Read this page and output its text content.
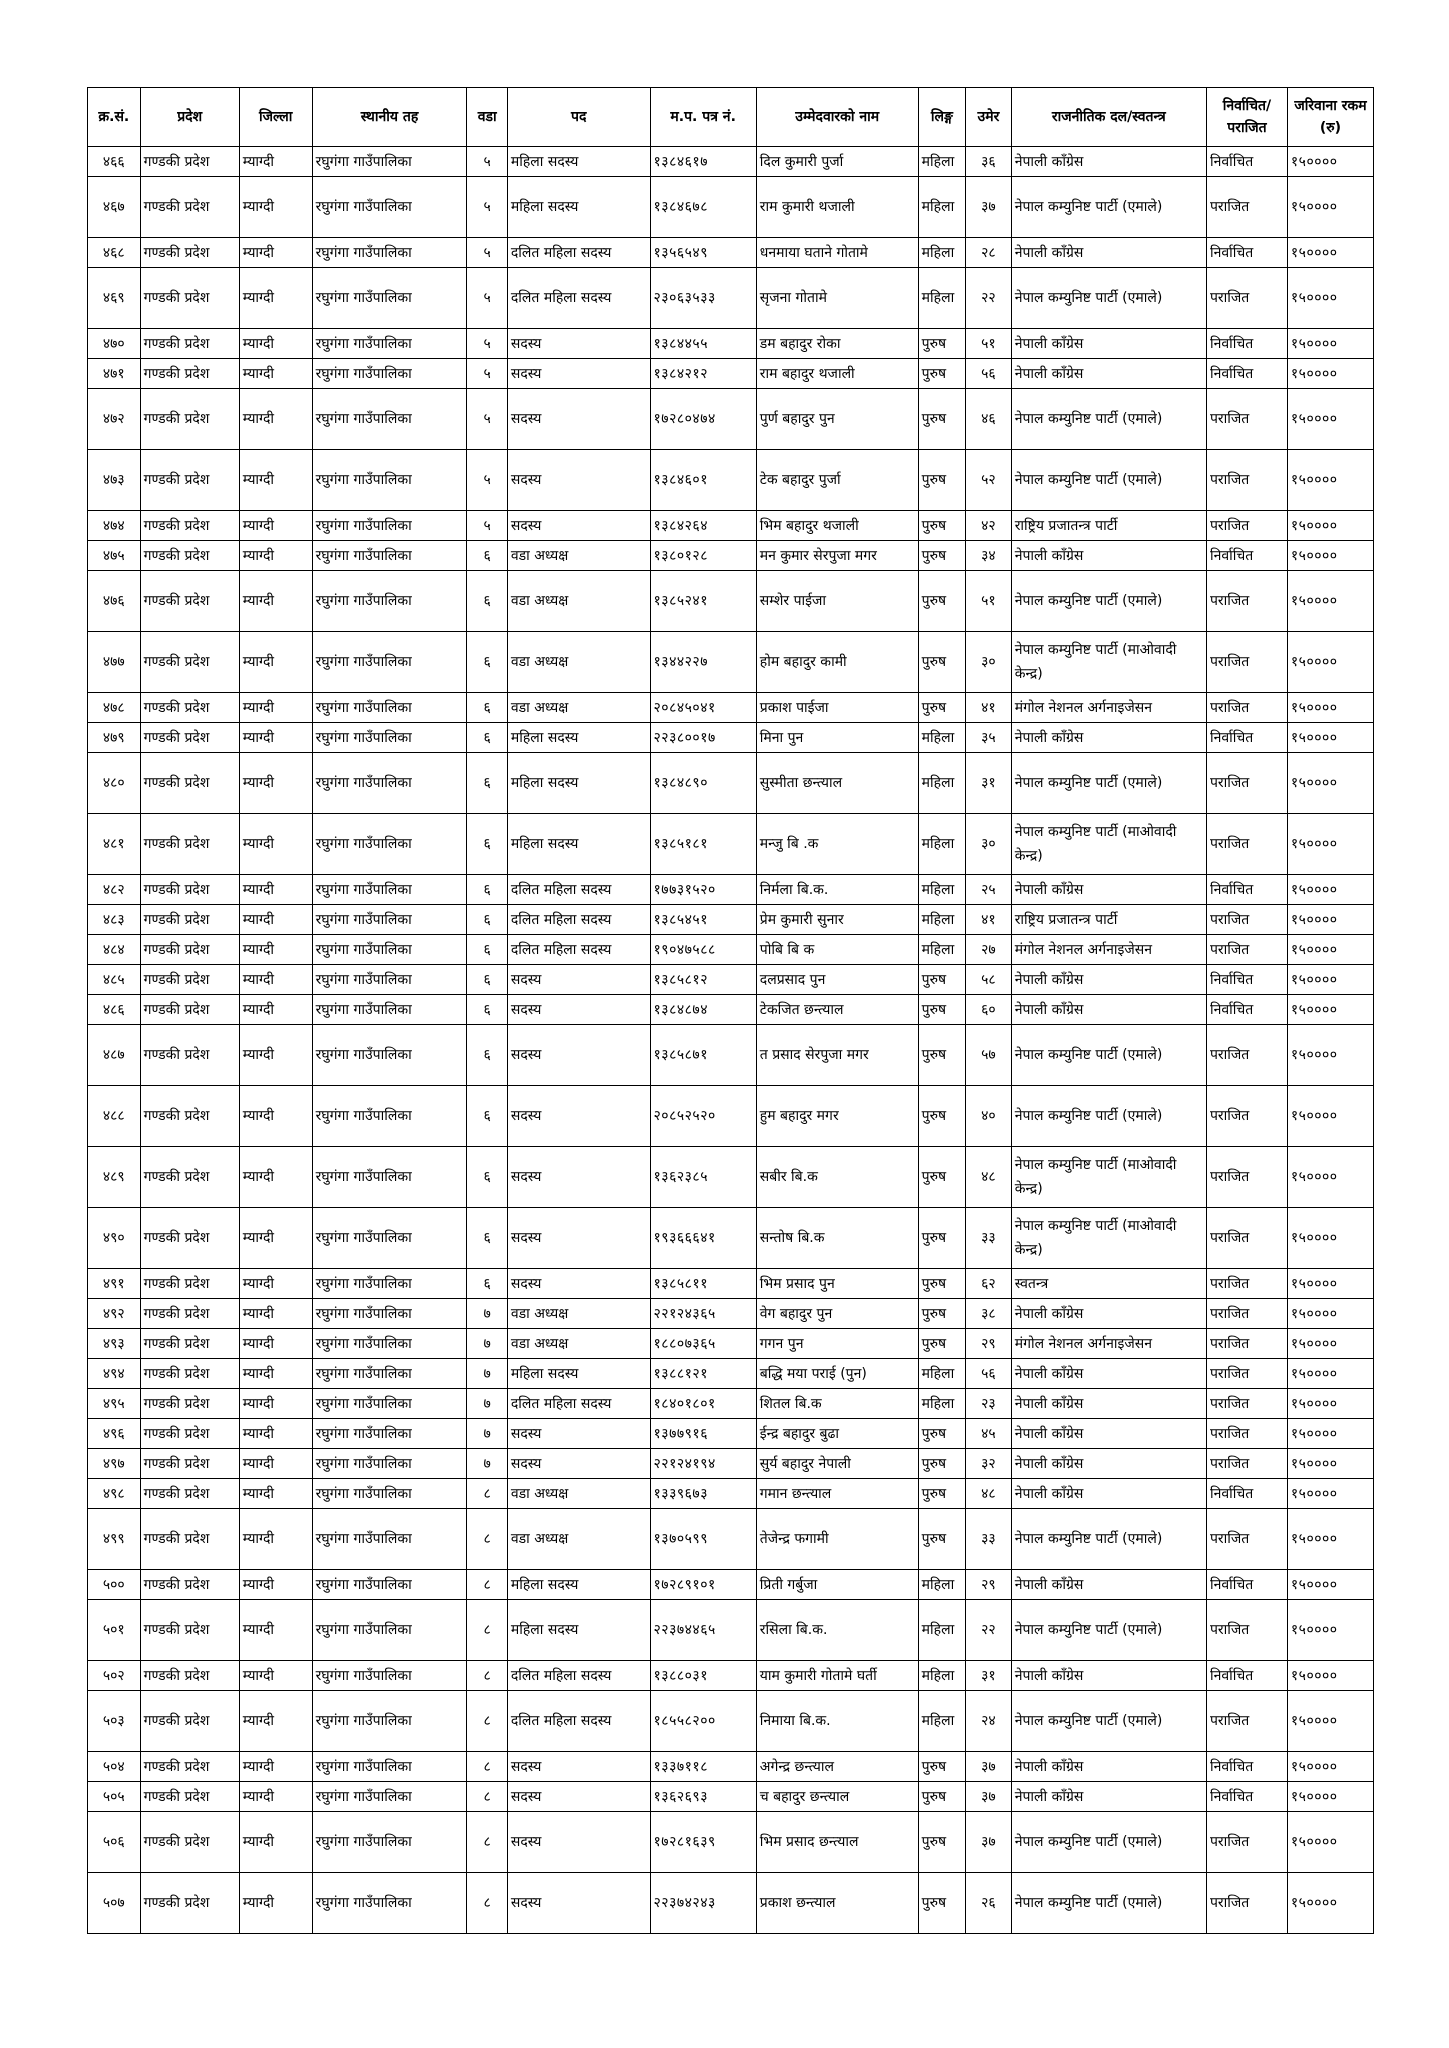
क्र.सं.	प्रदेश	जिल्ला	स्थानीय तह	वडा	पद	म.प. पत्र नं.	उम्मेदवारको नाम	लिङ्ग	उमेर	राजनीतिक दल/स्वतन्त्र	निर्वाचित/ पराजित	जरिवाना रकम (रु)
४६६	गण्डकी प्रदेश	म्याग्दी	रघुगंगा गाउँपालिका	५	महिला सदस्य	१३८४६१७	दिल कुमारी पुर्जा	महिला	३६	नेपाली काँग्रेस	निर्वाचित	१५००००
४६७	गण्डकी प्रदेश	म्याग्दी	रघुगंगा गाउँपालिका	५	महिला सदस्य	१३८४६७८	राम कुमारी थजाली	महिला	३७	नेपाल कम्युनिष्ट पार्टी (एमाले)	पराजित	१५००००
४६८	गण्डकी प्रदेश	म्याग्दी	रघुगंगा गाउँपालिका	५	दलित महिला सदस्य	१३५६५४९	धनमाया घताने गोतामे	महिला	२८	नेपाली काँग्रेस	निर्वाचित	१५००००
४६९	गण्डकी प्रदेश	म्याग्दी	रघुगंगा गाउँपालिका	५	दलित महिला सदस्य	२३०६३५३३	सृजना गोतामे	महिला	२२	नेपाल कम्युनिष्ट पार्टी (एमाले)	पराजित	१५००००
४७०	गण्डकी प्रदेश	म्याग्दी	रघुगंगा गाउँपालिका	५	सदस्य	१३८४४५५	डम बहादुर रोका	पुरुष	५१	नेपाली काँग्रेस	निर्वाचित	१५००००
४७१	गण्डकी प्रदेश	म्याग्दी	रघुगंगा गाउँपालिका	५	सदस्य	१३८४२१२	राम बहादुर थजाली	पुरुष	५६	नेपाली काँग्रेस	निर्वाचित	१५००००
४७२	गण्डकी प्रदेश	म्याग्दी	रघुगंगा गाउँपालिका	५	सदस्य	१७२८०४७४	पुर्ण बहादुर पुन	पुरुष	४६	नेपाल कम्युनिष्ट पार्टी (एमाले)	पराजित	१५००००
४७३	गण्डकी प्रदेश	म्याग्दी	रघुगंगा गाउँपालिका	५	सदस्य	१३८४६०१	टेक बहादुर पुर्जा	पुरुष	५२	नेपाल कम्युनिष्ट पार्टी (एमाले)	पराजित	१५००००
४७४	गण्डकी प्रदेश	म्याग्दी	रघुगंगा गाउँपालिका	५	सदस्य	१३८४२६४	भिम बहादुर थजाली	पुरुष	४२	राष्ट्रिय प्रजातन्त्र पार्टी	पराजित	१५००००
४७५	गण्डकी प्रदेश	म्याग्दी	रघुगंगा गाउँपालिका	६	वडा अध्यक्ष	१३८०१२८	मन कुमार सेरपुजा मगर	पुरुष	३४	नेपाली काँग्रेस	निर्वाचित	१५००००
४७६	गण्डकी प्रदेश	म्याग्दी	रघुगंगा गाउँपालिका	६	वडा अध्यक्ष	१३८५२४१	सम्शेर पाईजा	पुरुष	५१	नेपाल कम्युनिष्ट पार्टी (एमाले)	पराजित	१५००००
४७७	गण्डकी प्रदेश	म्याग्दी	रघुगंगा गाउँपालिका	६	वडा अध्यक्ष	१३४४२२७	होम बहादुर कामी	पुरुष	३०	नेपाल कम्युनिष्ट पार्टी (माओवादी केन्द्र)	पराजित	१५००००
४७८	गण्डकी प्रदेश	म्याग्दी	रघुगंगा गाउँपालिका	६	वडा अध्यक्ष	२०८४५०४१	प्रकाश पाईजा	पुरुष	४१	मंगोल नेशनल अर्गनाइजेसन	पराजित	१५००००
४७९	गण्डकी प्रदेश	म्याग्दी	रघुगंगा गाउँपालिका	६	महिला सदस्य	२२३८००१७	मिना पुन	महिला	३५	नेपाली काँग्रेस	निर्वाचित	१५००००
४८०	गण्डकी प्रदेश	म्याग्दी	रघुगंगा गाउँपालिका	६	महिला सदस्य	१३८४८९०	सुस्मीता छन्त्याल	महिला	३१	नेपाल कम्युनिष्ट पार्टी (एमाले)	पराजित	१५००००
४८१	गण्डकी प्रदेश	म्याग्दी	रघुगंगा गाउँपालिका	६	महिला सदस्य	१३८५१८१	मन्जु बि .क	महिला	३०	नेपाल कम्युनिष्ट पार्टी (माओवादी केन्द्र)	पराजित	१५००००
४८२	गण्डकी प्रदेश	म्याग्दी	रघुगंगा गाउँपालिका	६	दलित महिला सदस्य	१७७३१५२०	निर्मला बि.क.	महिला	२५	नेपाली काँग्रेस	निर्वाचित	१५००००
४८३	गण्डकी प्रदेश	म्याग्दी	रघुगंगा गाउँपालिका	६	दलित महिला सदस्य	१३८५४५१	प्रेम कुमारी सुनार	महिला	४१	राष्ट्रिय प्रजातन्त्र पार्टी	पराजित	१५००००
४८४	गण्डकी प्रदेश	म्याग्दी	रघुगंगा गाउँपालिका	६	दलित महिला सदस्य	१९०४७५८८	पोबि बि क	महिला	२७	मंगोल नेशनल अर्गनाइजेसन	पराजित	१५००००
४८५	गण्डकी प्रदेश	म्याग्दी	रघुगंगा गाउँपालिका	६	सदस्य	१३८५८१२	दलप्रसाद पुन	पुरुष	५८	नेपाली काँग्रेस	निर्वाचित	१५००००
४८६	गण्डकी प्रदेश	म्याग्दी	रघुगंगा गाउँपालिका	६	सदस्य	१३८४८७४	टेकजित छन्त्याल	पुरुष	६०	नेपाली काँग्रेस	निर्वाचित	१५००००
४८७	गण्डकी प्रदेश	म्याग्दी	रघुगंगा गाउँपालिका	६	सदस्य	१३८५८७१	त प्रसाद सेरपुजा मगर	पुरुष	५७	नेपाल कम्युनिष्ट पार्टी (एमाले)	पराजित	१५००००
४८८	गण्डकी प्रदेश	म्याग्दी	रघुगंगा गाउँपालिका	६	सदस्य	२०८५२५२०	हुम बहादुर मगर	पुरुष	४०	नेपाल कम्युनिष्ट पार्टी (एमाले)	पराजित	१५००००
४८९	गण्डकी प्रदेश	म्याग्दी	रघुगंगा गाउँपालिका	६	सदस्य	१३६२३८५	सबीर बि.क	पुरुष	४८	नेपाल कम्युनिष्ट पार्टी (माओवादी केन्द्र)	पराजित	१५००००
४९०	गण्डकी प्रदेश	म्याग्दी	रघुगंगा गाउँपालिका	६	सदस्य	१९३६६६४१	सन्तोष बि.क	पुरुष	३३	नेपाल कम्युनिष्ट पार्टी (माओवादी केन्द्र)	पराजित	१५००००
४९१	गण्डकी प्रदेश	म्याग्दी	रघुगंगा गाउँपालिका	६	सदस्य	१३८५८११	भिम प्रसाद पुन	पुरुष	६२	स्वतन्त्र	पराजित	१५००००
४९२	गण्डकी प्रदेश	म्याग्दी	रघुगंगा गाउँपालिका	७	वडा अध्यक्ष	२२१२४३६५	वेग बहादुर पुन	पुरुष	३८	नेपाली काँग्रेस	पराजित	१५००००
४९३	गण्डकी प्रदेश	म्याग्दी	रघुगंगा गाउँपालिका	७	वडा अध्यक्ष	१८८०७३६५	गगन पुन	पुरुष	२९	मंगोल नेशनल अर्गनाइजेसन	पराजित	१५००००
४९४	गण्डकी प्रदेश	म्याग्दी	रघुगंगा गाउँपालिका	७	महिला सदस्य	१३८८१२१	बद्धि मया पराई (पुन)	महिला	५६	नेपाली काँग्रेस	पराजित	१५००००
४९५	गण्डकी प्रदेश	म्याग्दी	रघुगंगा गाउँपालिका	७	दलित महिला सदस्य	१८४०१८०१	शितल बि.क	महिला	२३	नेपाली काँग्रेस	पराजित	१५००००
४९६	गण्डकी प्रदेश	म्याग्दी	रघुगंगा गाउँपालिका	७	सदस्य	१३७७९१६	ईन्द्र बहादुर बुढा	पुरुष	४५	नेपाली काँग्रेस	पराजित	१५००००
४९७	गण्डकी प्रदेश	म्याग्दी	रघुगंगा गाउँपालिका	७	सदस्य	२२१२४१९४	सुर्य बहादुर नेपाली	पुरुष	३२	नेपाली काँग्रेस	पराजित	१५००००
४९८	गण्डकी प्रदेश	म्याग्दी	रघुगंगा गाउँपालिका	८	वडा अध्यक्ष	१३३९६७३	गमान छन्त्याल	पुरुष	४८	नेपाली काँग्रेस	निर्वाचित	१५००००
४९९	गण्डकी प्रदेश	म्याग्दी	रघुगंगा गाउँपालिका	८	वडा अध्यक्ष	१३७०५९९	तेजेन्द्र फगामी	पुरुष	३३	नेपाल कम्युनिष्ट पार्टी (एमाले)	पराजित	१५००००
५००	गण्डकी प्रदेश	म्याग्दी	रघुगंगा गाउँपालिका	८	महिला सदस्य	१७२८९१०१	प्रिती गर्बुजा	महिला	२९	नेपाली काँग्रेस	निर्वाचित	१५००००
५०१	गण्डकी प्रदेश	म्याग्दी	रघुगंगा गाउँपालिका	८	महिला सदस्य	२२३७४४६५	रसिला बि.क.	महिला	२२	नेपाल कम्युनिष्ट पार्टी (एमाले)	पराजित	१५००००
५०२	गण्डकी प्रदेश	म्याग्दी	रघुगंगा गाउँपालिका	८	दलित महिला सदस्य	१३८८०३१	याम कुमारी गोतामे घर्ती	महिला	३१	नेपाली काँग्रेस	निर्वाचित	१५००००
५०३	गण्डकी प्रदेश	म्याग्दी	रघुगंगा गाउँपालिका	८	दलित महिला सदस्य	१८५५८२००	निमाया बि.क.	महिला	२४	नेपाल कम्युनिष्ट पार्टी (एमाले)	पराजित	१५००००
५०४	गण्डकी प्रदेश	म्याग्दी	रघुगंगा गाउँपालिका	८	सदस्य	१३३७११८	अगेन्द्र छन्त्याल	पुरुष	३७	नेपाली काँग्रेस	निर्वाचित	१५००००
५०५	गण्डकी प्रदेश	म्याग्दी	रघुगंगा गाउँपालिका	८	सदस्य	१३६२६९३	च बहादुर छन्त्याल	पुरुष	३७	नेपाली काँग्रेस	निर्वाचित	१५००००
५०६	गण्डकी प्रदेश	म्याग्दी	रघुगंगा गाउँपालिका	८	सदस्य	१७२८१६३९	भिम प्रसाद छन्त्याल	पुरुष	३७	नेपाल कम्युनिष्ट पार्टी (एमाले)	पराजित	१५००००
५०७	गण्डकी प्रदेश	म्याग्दी	रघुगंगा गाउँपालिका	८	सदस्य	२२३७४२४३	प्रकाश छन्त्याल	पुरुष	२६	नेपाल कम्युनिष्ट पार्टी (एमाले)	पराजित	१५००००
